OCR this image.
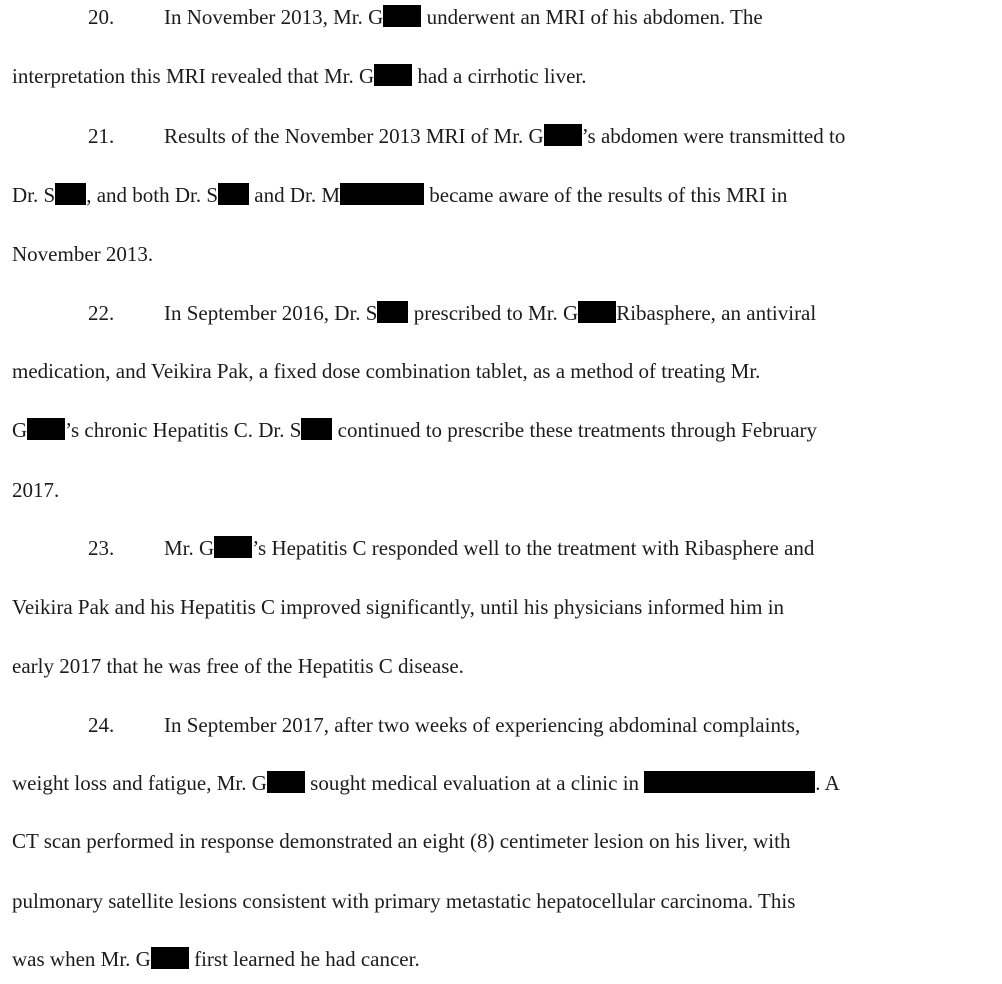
20. In November 2013, Mr. G underwent an MRI of his abdomen. The
interpretation this MRI revealed that Mr. G had a cirrhotic liver.
21. Results of the November 2013 MRI of Mr. G ’s abdomen were transmitted to
Dr. S , and both Dr. S and Dr. M	became aware of the results of this MRI in
November 2013.
22. In September 2016, Dr. S prescribed to Mr. G Ribasphere, an antiviral
medication, and Veikira Pak, a fixed dose combination tablet, as a method of treating Mr.
G ’s chronic Hepatitis C. Dr. S continued to prescribe these treatments through February
2017.
23. Mr. G ’s Hepatitis C responded well to the treatment with Ribasphere and
Veikira Pak and his Hepatitis C improved significantly, until his physicians informed him in
early 2017 that he was free of the Hepatitis C disease.
24. In September 2017, after two weeks of experiencing abdominal complaints,
weight loss and fatigue, Mr. G sought medical evaluation at a clinic in	. A
CT scan performed in response demonstrated an eight (8) centimeter lesion on his liver, with
pulmonary satellite lesions consistent with primary metastatic hepatocellular carcinoma. This
was when Mr. G first learned he had cancer.
